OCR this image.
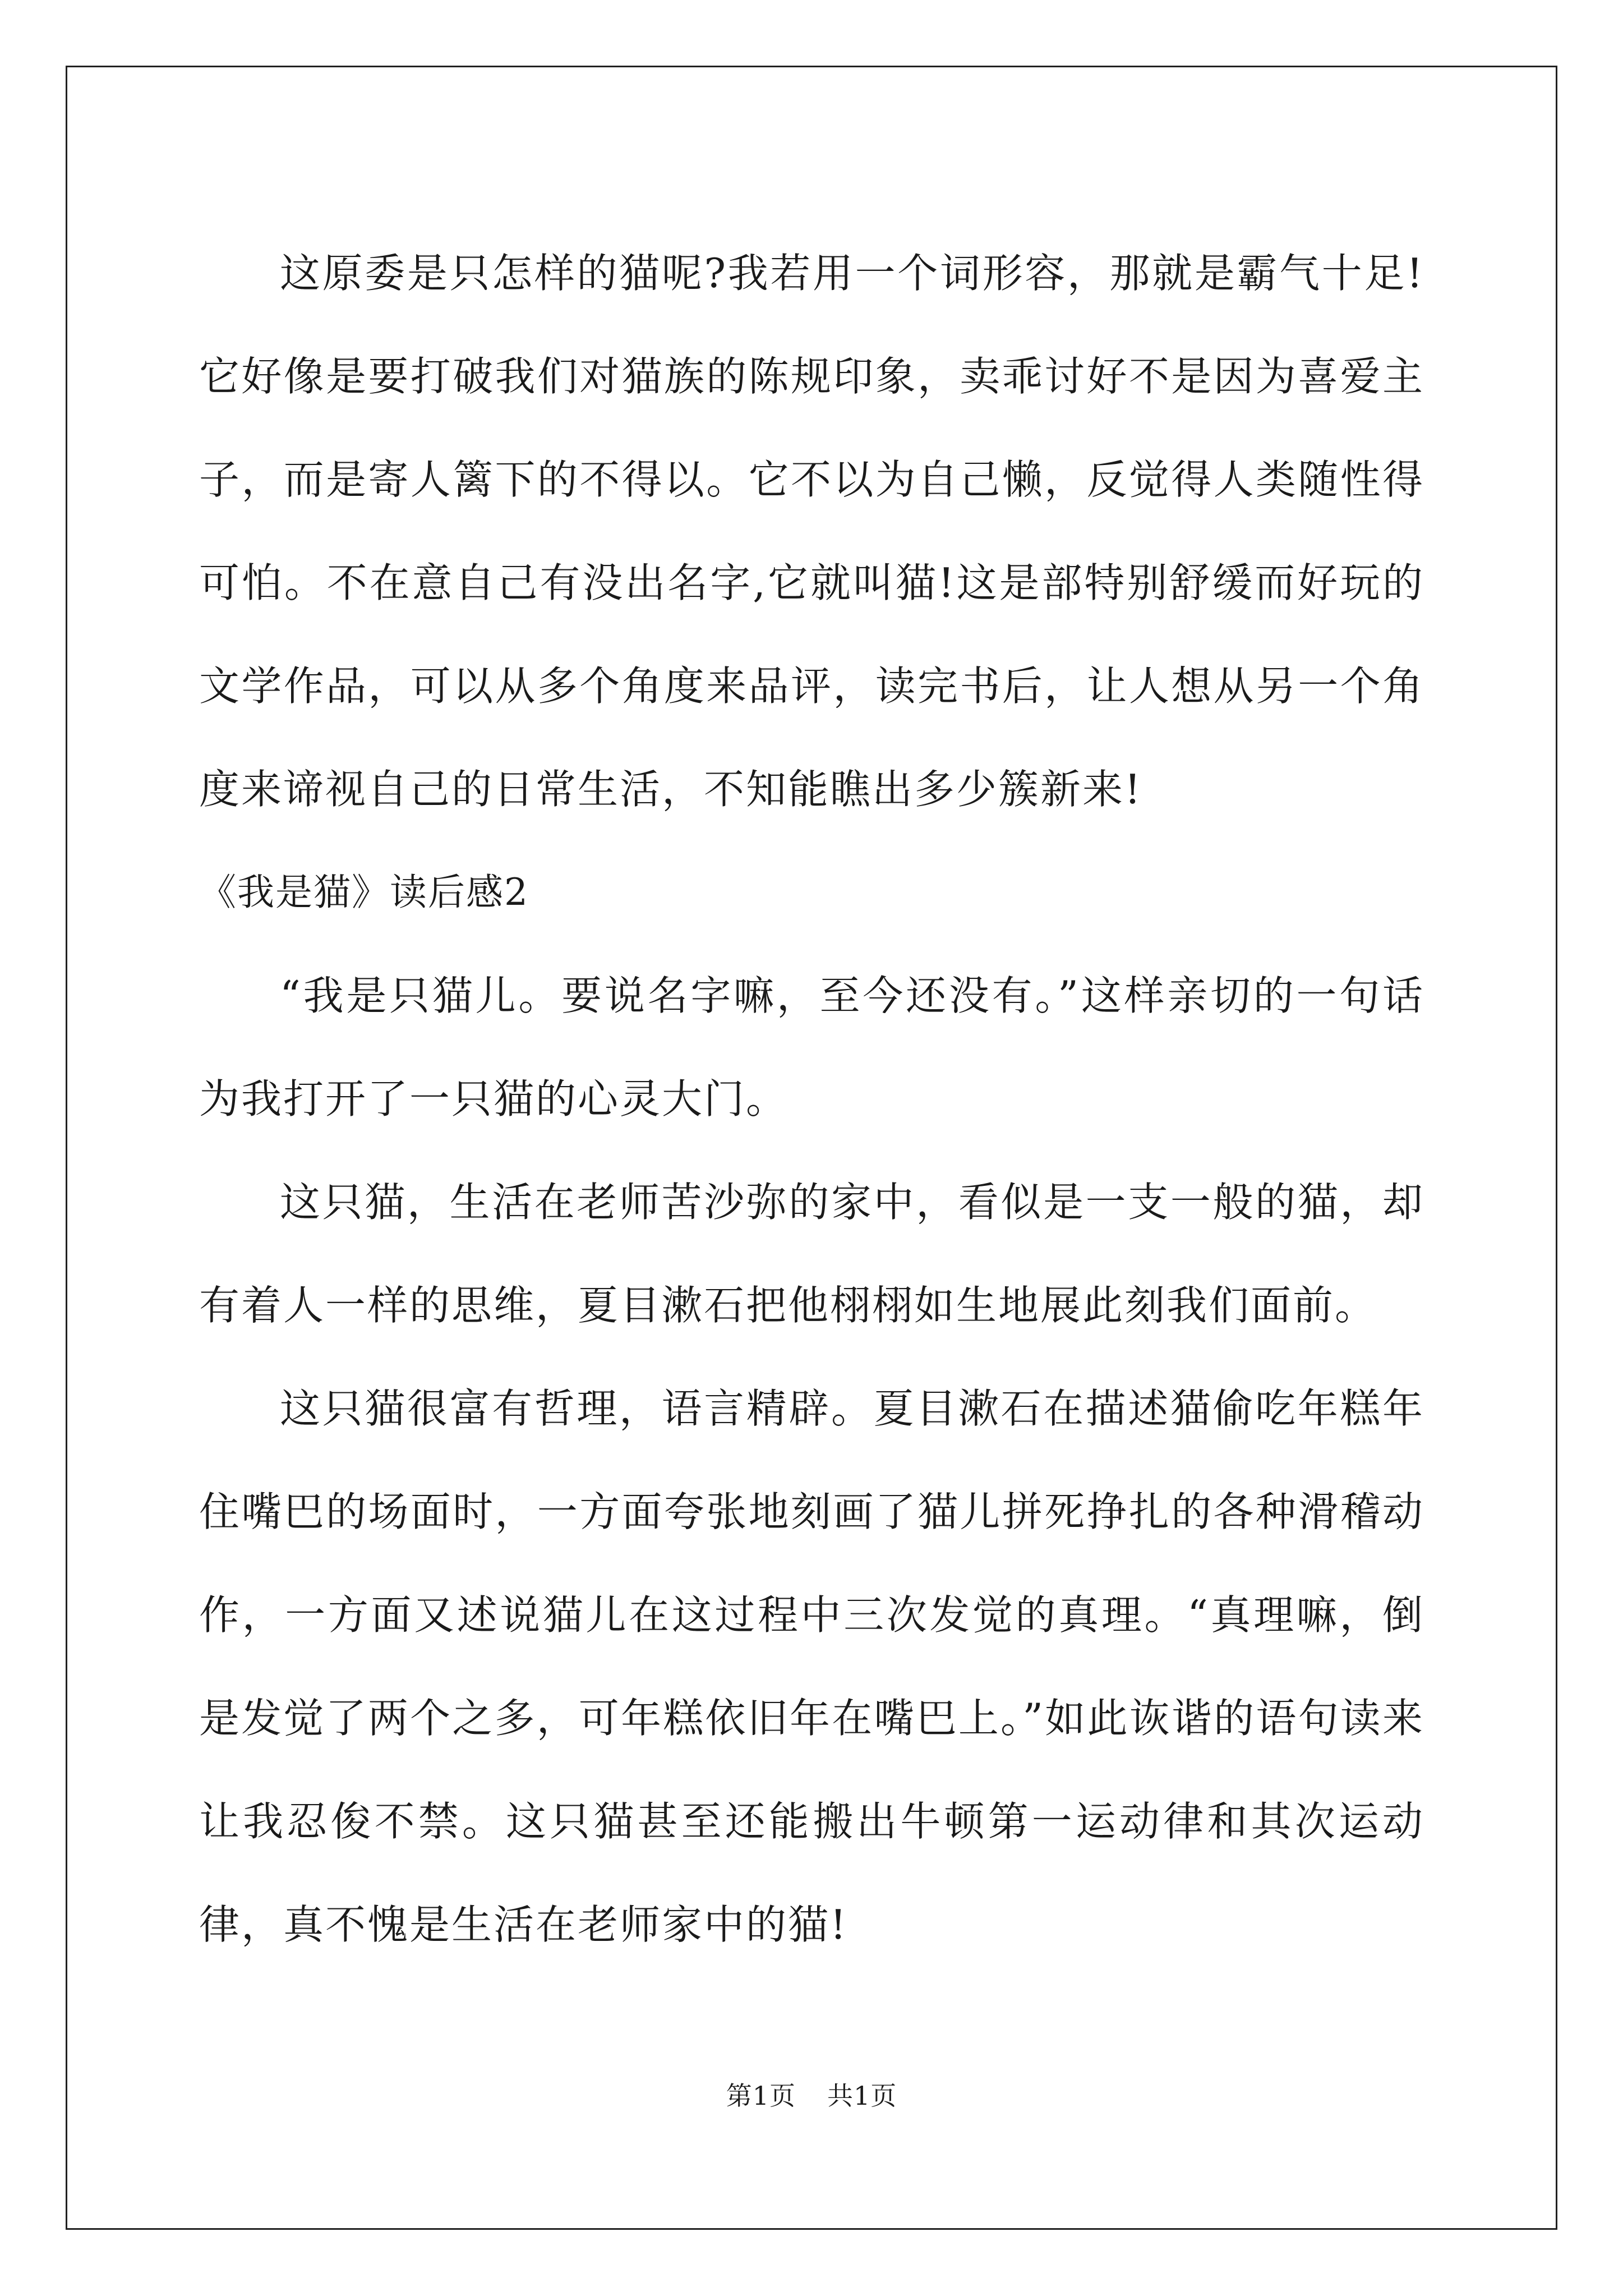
这原委是只怎样的猫呢?我若用一个词形容，那就是霸气十足!它好像是要打破我们对猫族的陈规印象，卖乖讨好不是因为喜爱主子，而是寄人篱下的不得以。它不以为自己懒，反觉得人类随性得可怕。不在意自己有没出名字,它就叫猫!这是部特别舒缓而好玩的文学作品，可以从多个角度来品评，读完书后，让人想从另一个角度来谛视自己的日常生活，不知能瞧出多少簇新来!

《我是猫》读后感2

“我是只猫儿。要说名字嘛，至今还没有。”这样亲切的一句话为我打开了一只猫的心灵大门。

这只猫，生活在老师苦沙弥的家中，看似是一支一般的猫，却有着人一样的思维，夏目漱石把他栩栩如生地展此刻我们面前。

这只猫很富有哲理，语言精辟。夏目漱石在描述猫偷吃年糕年住嘴巴的场面时，一方面夸张地刻画了猫儿拼死挣扎的各种滑稽动作，一方面又述说猫儿在这过程中三次发觉的真理。“真理嘛，倒是发觉了两个之多，可年糕依旧年在嘴巴上。”如此诙谐的语句读来让我忍俊不禁。这只猫甚至还能搬出牛顿第一运动律和其次运动律，真不愧是生活在老师家中的猫!

第1页 共1页
